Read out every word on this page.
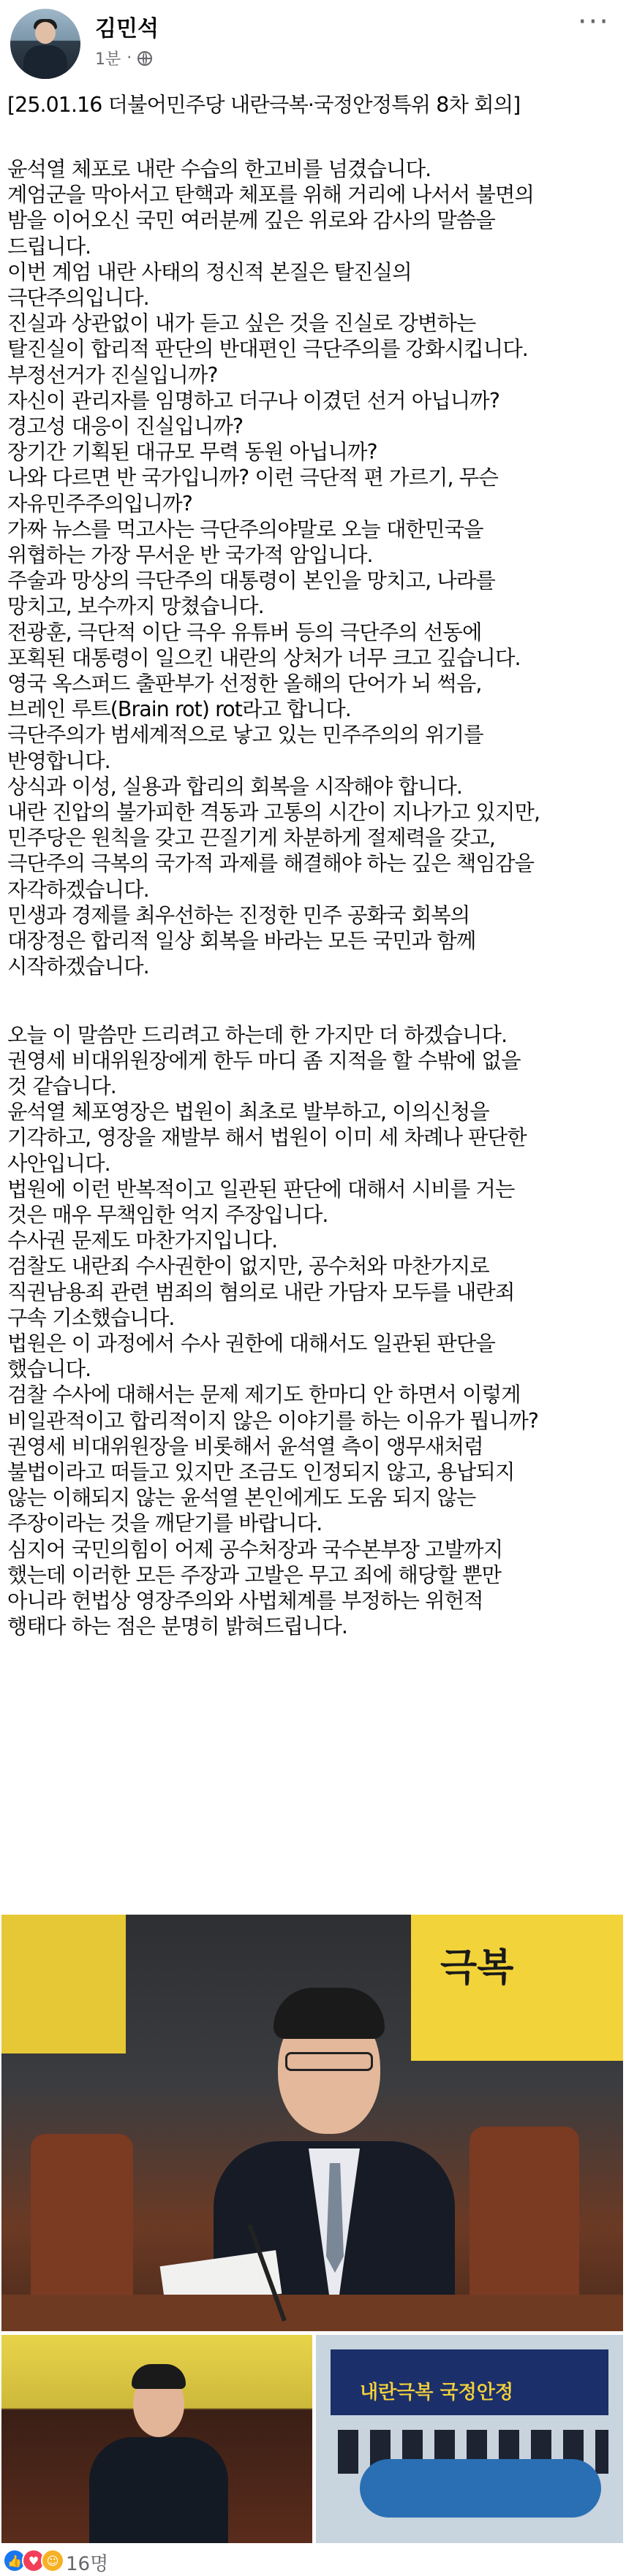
김민석
1분 ·
···

[25.01.16 더불어민주당 내란극복·국정안정특위 8차 회의]

윤석열 체포로 내란 수습의 한고비를 넘겼습니다.

계엄군을 막아서고 탄핵과 체포를 위해 거리에 나서서 불면의

밤을 이어오신 국민 여러분께 깊은 위로와 감사의 말씀을

드립니다.

이번 계엄 내란 사태의 정신적 본질은 탈진실의

극단주의입니다.

진실과 상관없이 내가 듣고 싶은 것을 진실로 강변하는

탈진실이 합리적 판단의 반대편인 극단주의를 강화시킵니다.

부정선거가 진실입니까?

자신이 관리자를 임명하고 더구나 이겼던 선거 아닙니까?

경고성 대응이 진실입니까?

장기간 기획된 대규모 무력 동원 아닙니까?

나와 다르면 반 국가입니까? 이런 극단적 편 가르기, 무슨

자유민주주의입니까?

가짜 뉴스를 먹고사는 극단주의야말로 오늘 대한민국을

위협하는 가장 무서운 반 국가적 암입니다.

주술과 망상의 극단주의 대통령이 본인을 망치고, 나라를

망치고, 보수까지 망쳤습니다.

전광훈, 극단적 이단 극우 유튜버 등의 극단주의 선동에

포획된 대통령이 일으킨 내란의 상처가 너무 크고 깊습니다.

영국 옥스퍼드 출판부가 선정한 올해의 단어가 뇌 썩음,

브레인 루트(Brain rot) rot라고 합니다.

극단주의가 범세계적으로 낳고 있는 민주주의의 위기를

반영합니다.

상식과 이성, 실용과 합리의 회복을 시작해야 합니다.

내란 진압의 불가피한 격동과 고통의 시간이 지나가고 있지만,

민주당은 원칙을 갖고 끈질기게 차분하게 절제력을 갖고,

극단주의 극복의 국가적 과제를 해결해야 하는 깊은 책임감을

자각하겠습니다.

민생과 경제를 최우선하는 진정한 민주 공화국 회복의

대장정은 합리적 일상 회복을 바라는 모든 국민과 함께

시작하겠습니다.

오늘 이 말씀만 드리려고 하는데 한 가지만 더 하겠습니다.

권영세 비대위원장에게 한두 마디 좀 지적을 할 수밖에 없을

것 같습니다.

윤석열 체포영장은 법원이 최초로 발부하고, 이의신청을

기각하고, 영장을 재발부 해서 법원이 이미 세 차례나 판단한

사안입니다.

법원에 이런 반복적이고 일관된 판단에 대해서 시비를 거는

것은 매우 무책임한 억지 주장입니다.

수사권 문제도 마찬가지입니다.

검찰도 내란죄 수사권한이 없지만, 공수처와 마찬가지로

직권남용죄 관련 범죄의 혐의로 내란 가담자 모두를 내란죄

구속 기소했습니다.

법원은 이 과정에서 수사 권한에 대해서도 일관된 판단을

했습니다.

검찰 수사에 대해서는 문제 제기도 한마디 안 하면서 이렇게

비일관적이고 합리적이지 않은 이야기를 하는 이유가 뭡니까?

권영세 비대위원장을 비롯해서 윤석열 측이 앵무새처럼

불법이라고 떠들고 있지만 조금도 인정되지 않고, 용납되지

않는 이해되지 않는 윤석열 본인에게도 도움 되지 않는

주장이라는 것을 깨닫기를 바랍니다.

심지어 국민의힘이 어제 공수처장과 국수본부장 고발까지

했는데 이러한 모든 주장과 고발은 무고 죄에 해당할 뿐만

아니라 헌법상 영장주의와 사법체계를 부정하는 위헌적

행태다 하는 점은 분명히 밝혀드립니다.

극복
내란극복 국정안정
👍 ♥ ☺ 16명
